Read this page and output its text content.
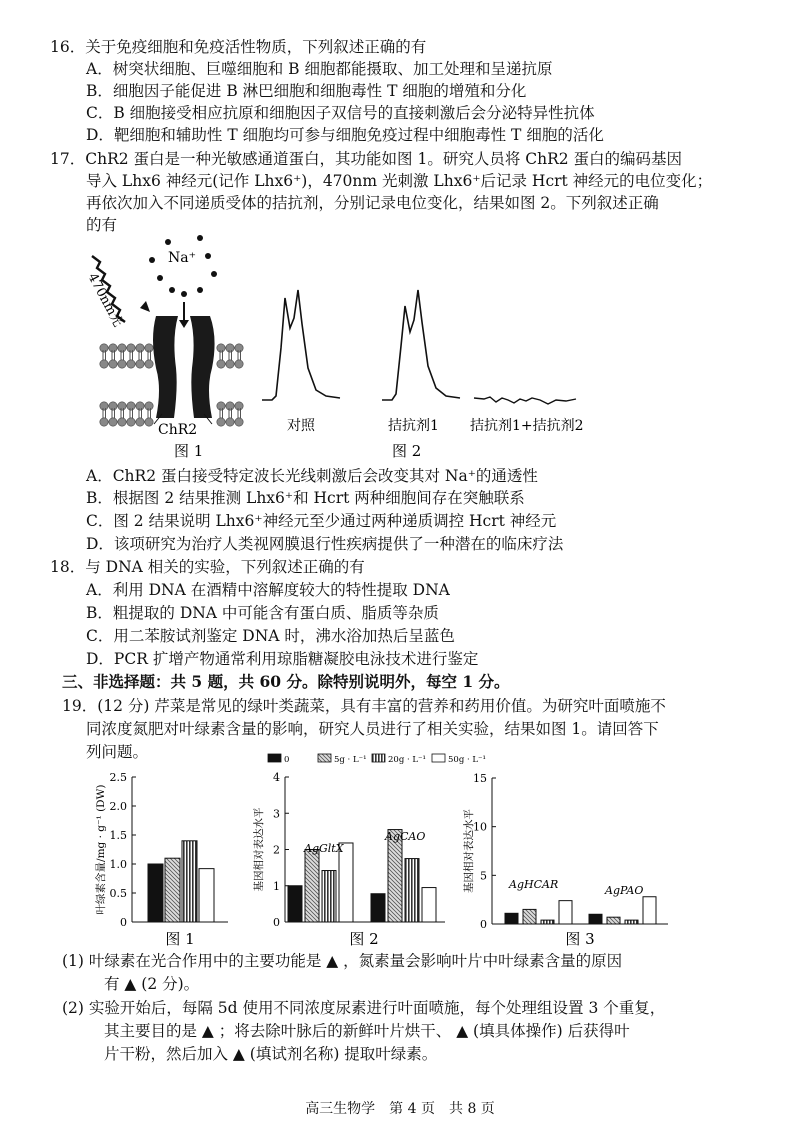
16．关于免疫细胞和免疫活性物质，下列叙述正确的有
A．树突状细胞、巨噬细胞和 B 细胞都能摄取、加工处理和呈递抗原
B．细胞因子能促进 B 淋巴细胞和细胞毒性 T 细胞的增殖和分化
C．B 细胞接受相应抗原和细胞因子双信号的直接刺激后会分泌特异性抗体
D．靶细胞和辅助性 T 细胞均可参与细胞免疫过程中细胞毒性 T 细胞的活化
17．ChR2 蛋白是一种光敏感通道蛋白，其功能如图 1。研究人员将 ChR2 蛋白的编码基因
导入 Lhx6 神经元(记作 Lhx6⁺)，470nm 光刺激 Lhx6⁺后记录 Hcrt 神经元的电位变化；
再依次加入不同递质受体的拮抗剂，分别记录电位变化，结果如图 2。下列叙述正确
的有
470nm光
Na⁺
ChR2
图 1
对照	拮抗剂1 拮抗剂1+拮抗剂2
图 2
A．ChR2 蛋白接受特定波长光线刺激后会改变其对 Na⁺的通透性
B．根据图 2 结果推测 Lhx6⁺和 Hcrt 两种细胞间存在突触联系
C．图 2 结果说明 Lhx6⁺神经元至少通过两种递质调控 Hcrt 神经元
D．该项研究为治疗人类视网膜退行性疾病提供了一种潜在的临床疗法
18．与 DNA 相关的实验，下列叙述正确的有
A．利用 DNA 在酒精中溶解度较大的特性提取 DNA
B．粗提取的 DNA 中可能含有蛋白质、脂质等杂质
C．用二苯胺试剂鉴定 DNA 时，沸水浴加热后呈蓝色
D．PCR 扩增产物通常利用琼脂糖凝胶电泳技术进行鉴定
三、非选择题：共 5 题，共 60 分。除特别说明外，每空 1 分。
19．(12 分) 芹菜是常见的绿叶类蔬菜，具有丰富的营养和药用价值。为研究叶面喷施不
同浓度氮肥对叶绿素含量的影响，研究人员进行了相关实验，结果如图 1。请回答下
列问题。	0	5g · L⁻¹	20g · L⁻¹	50g · L⁻¹
0
0.5
1.0
1.5
2.0
2.5
叶绿素含量/mg · g⁻¹ (DW)
图 1
0
1
2
3
4
基因相对表达水平	AgGltX
AgCAO
图 2
0
5
10
15
基因相对表达水平	AgHCAR	AgPAO
图 3
(1) 叶绿素在光合作用中的主要功能是 ▲ ，氮素量会影响叶片中叶绿素含量的原因
有 ▲ (2 分)。
(2) 实验开始后，每隔 5d 使用不同浓度尿素进行叶面喷施，每个处理组设置 3 个重复，
其主要目的是 ▲ ；将去除叶脉后的新鲜叶片烘干、 ▲ (填具体操作) 后获得叶
片干粉，然后加入 ▲ (填试剂名称) 提取叶绿素。
高三生物学　第 4 页　共 8 页
